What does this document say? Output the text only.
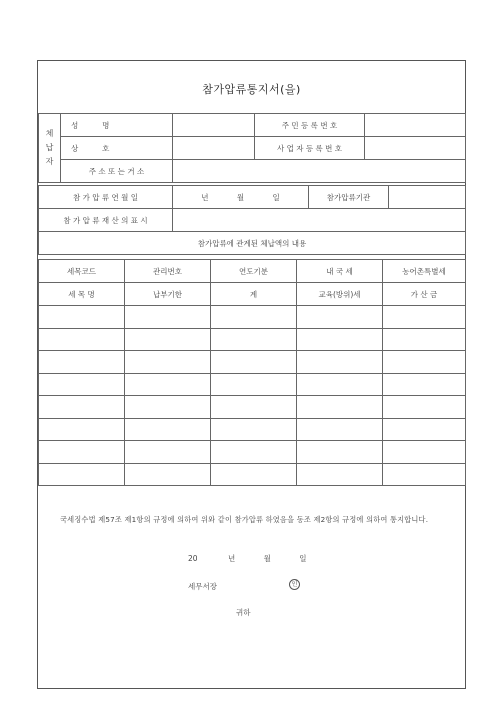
참가압류통지서(을)
체
납
자	성          명		주 민 등 록 번 호	
	상          호		사 업 자 등 록 번 호	
	주 소 또 는 거 소			
참 가 압 류 연 월 일	년 월 일	참가압류기관	
참 가 압 류 재 산 의 표 시			
참가압류에 관계된 체납액의 내용			
세목코드	관리번호	연도기분	내 국 세	농어촌특별세
세 목 명	납부기한	계	교육(방위)세	가 산 금

국세징수법 제57조 제1항의 규정에 의하여 위와 같이 참가압류 하였음을 동조 제2항의 규정에 의하여 통지합니다.
20	년	월	일
세무서장	인
귀하
